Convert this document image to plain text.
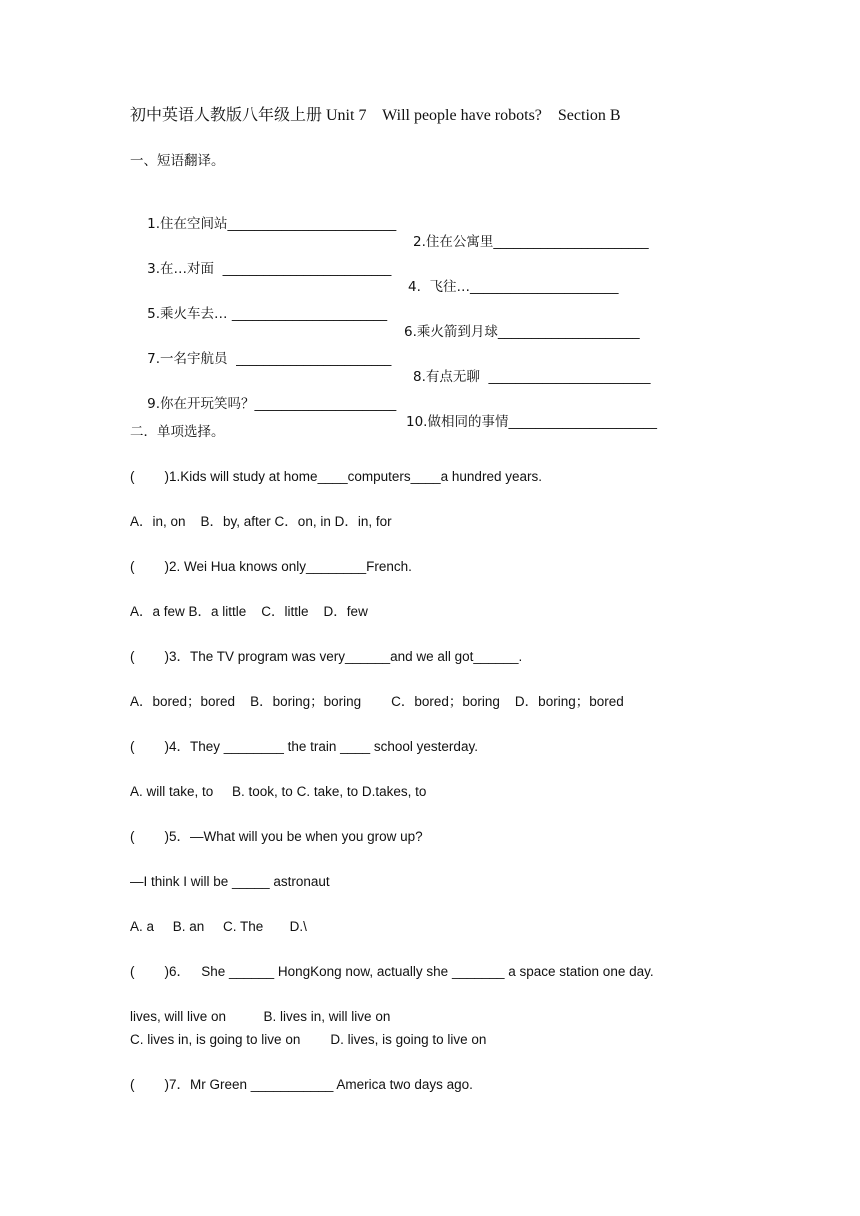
初中英语人教版八年级上册 Unit 7    Will people have robots?    Section B
一、短语翻译。

1.住在空间站_________________________

2.住在公寓里_______________________

3.在…对面  _________________________

4.  飞往…______________________

5.乘火车去… _______________________

6.乘火箭到月球_____________________

7.一名宇航员  _______________________

8.有点无聊  ________________________

9.你在开玩笑吗？_____________________

10.做相同的事情______________________

二．单项选择。
(        )1.Kids will study at home____computers____a hundred years.
A．in, on    B．by, after C．on, in D．in, for
(        )2. Wei Hua knows only________French.
A．a few B．a little    C．little    D．few
(        )3．The TV program was very______and we all got______.
A．bored；bored    B．boring；boring        C．bored；boring    D．boring；bored
(        )4．They ________ the train ____ school yesterday.
A. will take, to     B. took, to C. take, to D.takes, to
(        )5．—What will you be when you grow up?
—I think I will be _____ astronaut
A. a     B. an     C. The       D.\
(        )6．   She ______ HongKong now, actually she _______ a space station one day.
lives, will live on          B. lives in, will live on
C. lives in, is going to live on        D. lives, is going to live on
(        )7．Mr Green ___________ America two days ago.
